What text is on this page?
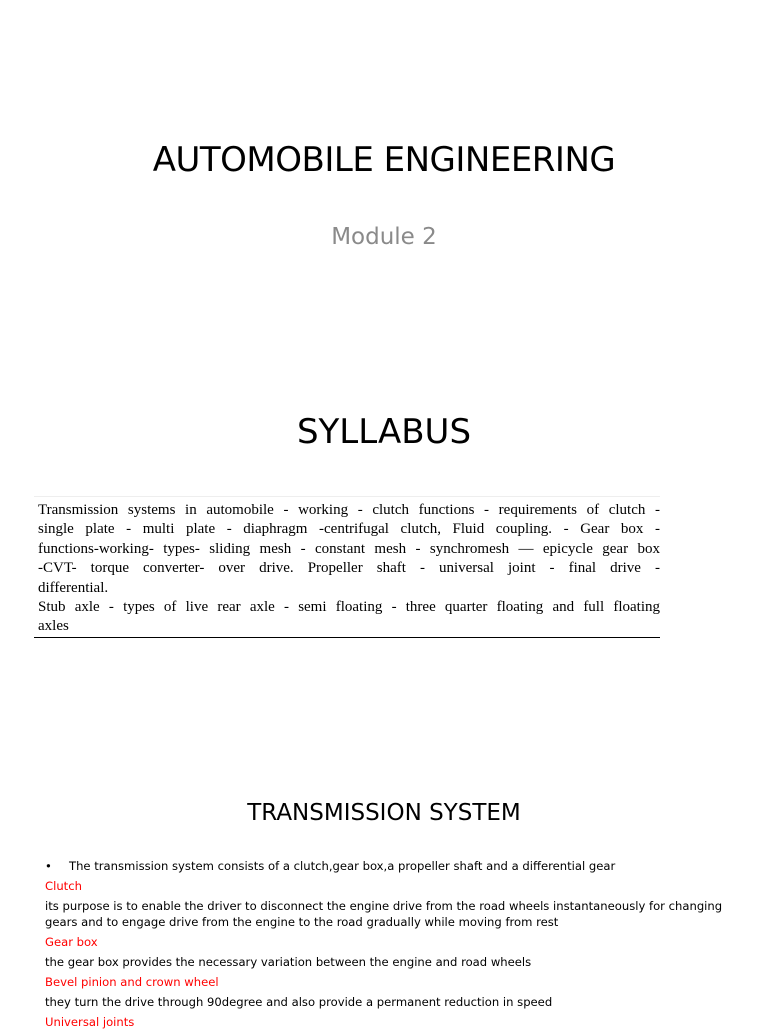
AUTOMOBILE ENGINEERING
Module 2
SYLLABUS
Transmission systems in automobile - working - clutch functions - requirements of clutch -
single plate - multi plate - diaphragm -centrifugal clutch, Fluid coupling. - Gear box -
functions-working- types- sliding mesh - constant mesh - synchromesh — epicycle gear box
-CVT- torque converter- over drive. Propeller shaft - universal joint - final drive -
differential.
Stub axle - types of live rear axle - semi floating - three quarter floating and full floating
axles
TRANSMISSION SYSTEM
• The transmission system consists of a clutch,gear box,a propeller shaft and a differential gear
Clutch
its purpose is to enable the driver to disconnect the engine drive from the road wheels instantaneously for changing gears and to engage drive from the engine to the road gradually while moving from rest
Gear box
the gear box provides the necessary variation between the engine and road wheels
Bevel pinion and crown wheel
they turn the drive through 90degree and also provide a permanent reduction in speed
Universal joints
